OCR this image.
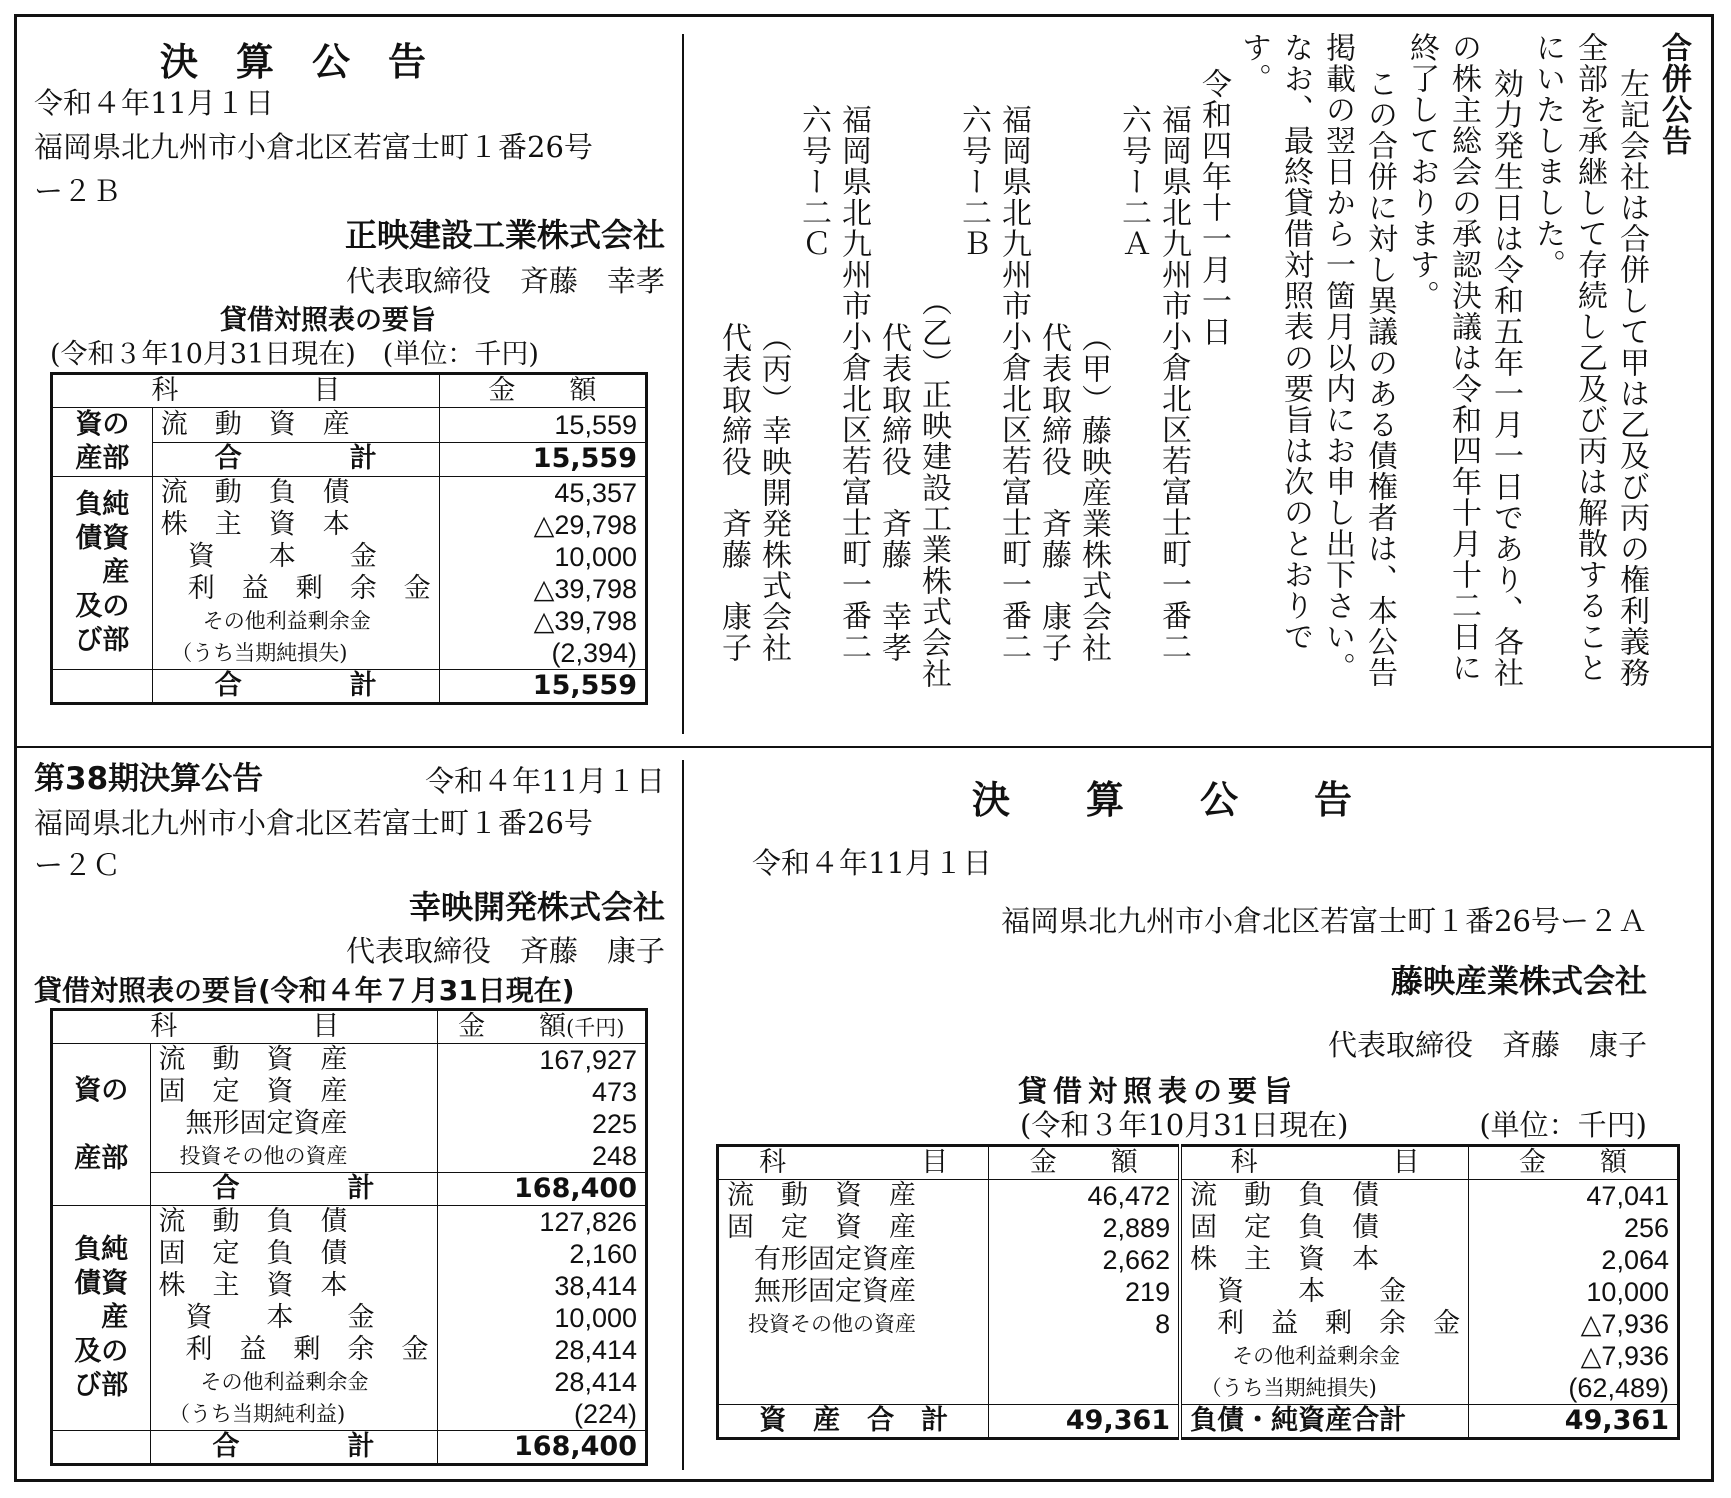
決　算　公　告
令和４年11月１日
福岡県北九州市小倉北区若富士町１番26号
ー２Ｂ
正映建設工業株式会社
代表取締役　斉藤　幸孝
貸借対照表の要旨
(令和３年10月31日現在)　(単位：千円)
科　　　　　目		金　　額
資の
産部	流　動　資　産	15,559
	合　　　　計	15,559
負純
債資
　産
及の
び部	流　動　負　債	45,357
	株　主　資　本	△29,798
	　資　　本　　金	10,000
	　利　益　剰　余　金	△39,798
	　　その他利益剰余金	△39,798
	　（うち当期純損失)	(2,394)
	合　　　　計	15,559
合併公告
左記会社は合併して甲は乙及び丙の権利義務
全部を承継して存続し乙及び丙は解散すること
にいたしました。
効力発生日は令和五年一月一日であり、各社
の株主総会の承認決議は令和四年十月十二日に
終了しております。
この合併に対し異議のある債権者は、本公告
掲載の翌日から一箇月以内にお申し出下さい。
なお、最終貸借対照表の要旨は次のとおりで
す。
令和四年十一月一日
福岡県北九州市小倉北区若富士町一番二
六号ー二Ａ
（甲）藤映産業株式会社
代表取締役　斉藤　康子
福岡県北九州市小倉北区若富士町一番二
六号ー二Ｂ
（乙）正映建設工業株式会社
代表取締役　斉藤　幸孝
福岡県北九州市小倉北区若富士町一番二
六号ー二Ｃ
（丙）幸映開発株式会社
代表取締役　斉藤　康子
第38期決算公告	令和４年11月１日
福岡県北九州市小倉北区若富士町１番26号
ー２Ｃ
幸映開発株式会社
代表取締役　斉藤　康子
貸借対照表の要旨(令和４年７月31日現在)
科　　　　　目		金　　額(千円)
資の

産部	流　動　資　産	167,927
	固　定　資　産	473
	　無形固定資産	225
	　投資その他の資産	248
	合　　　　計	168,400
負純
債資
　産
及の
び部	流　動　負　債	127,826
	固　定　負　債	2,160
	株　主　資　本	38,414
	　資　　本　　金	10,000
	　利　益　剰　余　金	28,414
	　　その他利益剰余金	28,414
	　（うち当期純利益)	(224)
	合　　　　計	168,400
決　　算　　公　　告
令和４年11月１日
福岡県北九州市小倉北区若富士町１番26号ー２Ａ
藤映産業株式会社
代表取締役　斉藤　康子
貸借対照表の要旨
(令和３年10月31日現在)	(単位：千円)
科　　　　　目	金　　額	科　　　　　目	金　　額
流　動　資　産	46,472	流　動　負　債	47,041
固　定　資　産	2,889	固　定　負　債	256
　有形固定資産	2,662	株　主　資　本	2,064
　無形固定資産	219	　資　　本　　金	10,000
　投資その他の資産	8	　利　益　剰　余　金	△7,936
		　　その他利益剰余金	△7,936
		　（うち当期純損失)	(62,489)
資　産　合　計	49,361	負債・純資産合計	49,361
